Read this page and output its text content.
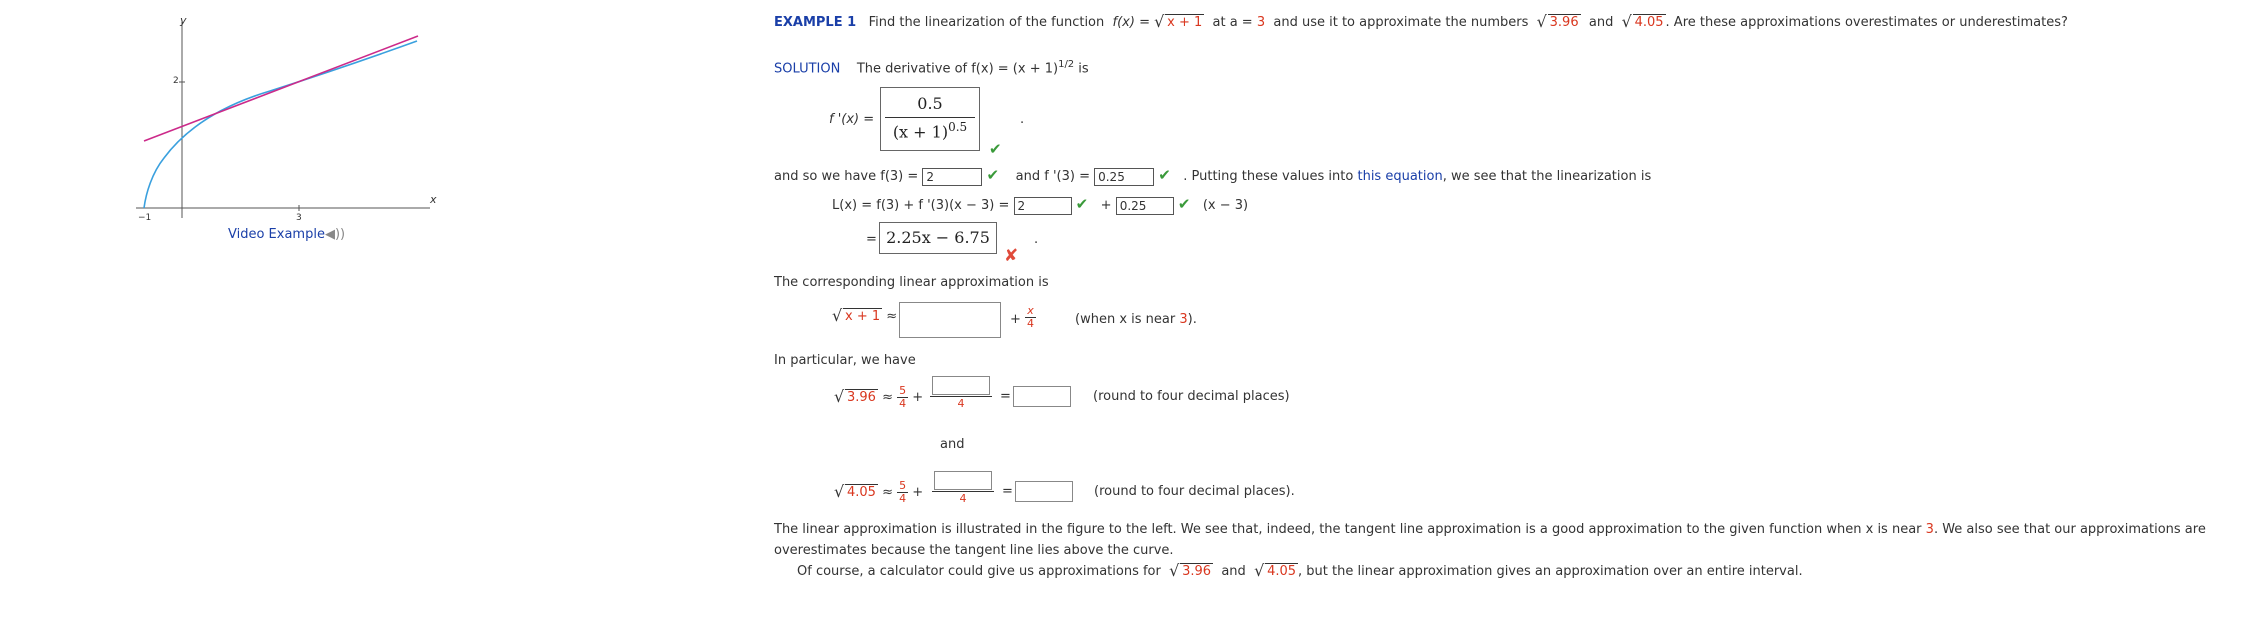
y
x
2
−1	3
Video Example◀))
EXAMPLE 1 Find the linearization of the function f(x) = √ x + 1 at a = 3 and use it to approximate the numbers √ 3.96 and √ 4.05 . Are these approximations overestimates or underestimates?
SOLUTION The derivative of $f(x) = (x + 1)^{1/2}$ is
f '(x) =
0.5
$(x + 1)^{0.5}$
✔
.
and so we have f(3) = 2	✔ and f '(3) = 0.25 ✔ . Putting these values into this equation, we see that the linearization is
L(x) = f(3) + f '(3)(x − 3) = 2	✔ + 0.25 ✔ (x − 3)
= 2.25x − 6.75
✘
.
The corresponding linear approximation is
√ x + 1 ≈	+ $\frac{x}{4}$	(when x is near 3).
In particular, we have
√ $3.96 \approx \frac{5}{4}$ +	4	=	(round to four decimal places)
and
√ $4.05 \approx \frac{5}{4}$ +	4	=	(round to four decimal places).
The linear approximation is illustrated in the figure to the left. We see that, indeed, the tangent line approximation is a good approximation to the given function when x is near 3. We also see that our approximations are
overestimates because the tangent line lies above the curve.
Of course, a calculator could give us approximations for √ 3.96 and √ 4.05 , but the linear approximation gives an approximation over an entire interval.
